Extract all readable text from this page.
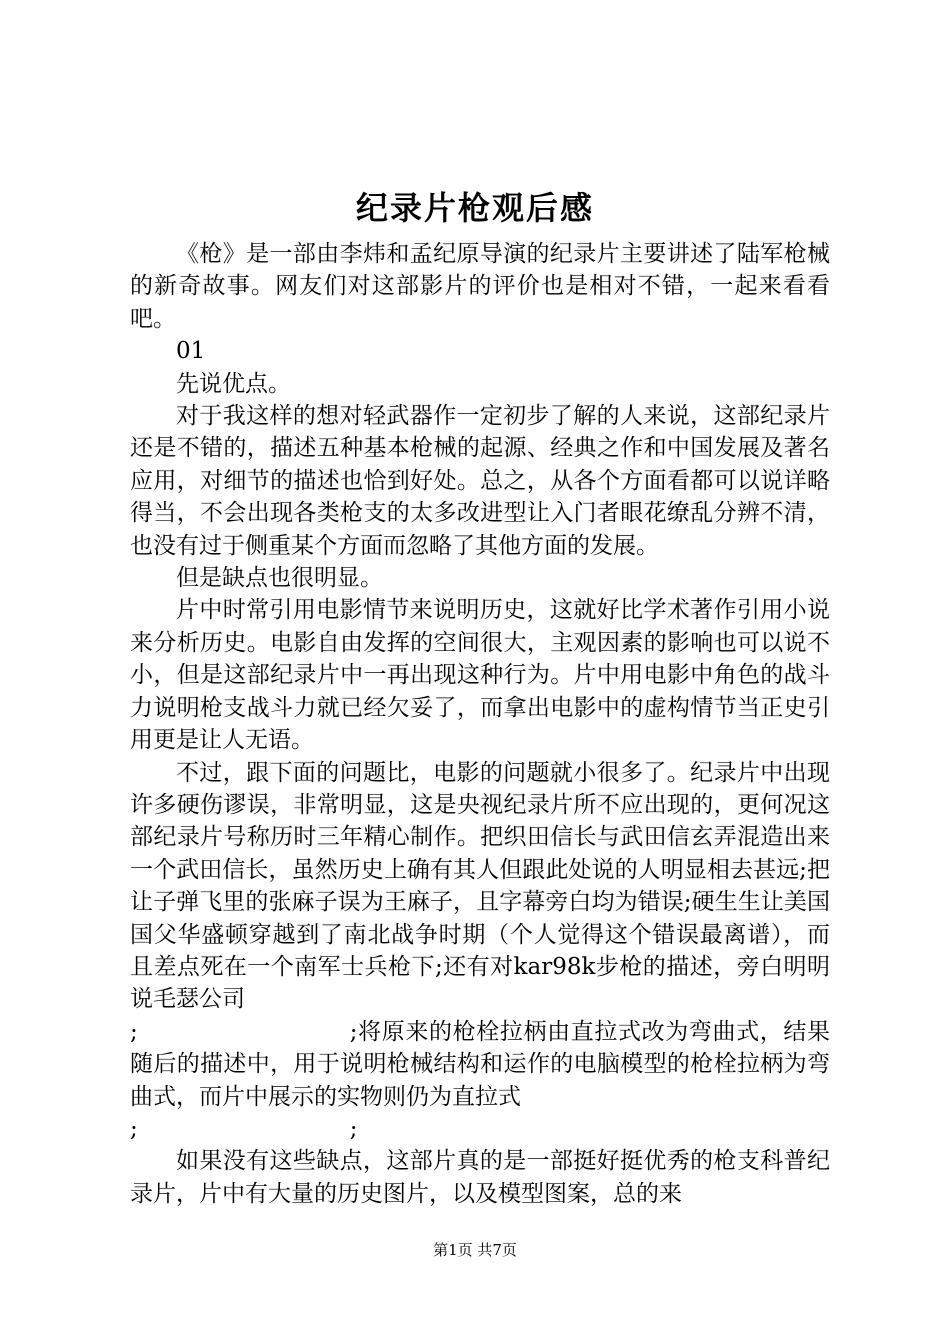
纪录片枪观后感

《枪》是一部由李炜和孟纪原导演的纪录片主要讲述了陆军枪械的新奇故事。网友们对这部影片的评价也是相对不错，一起来看看吧。

01

先说优点。

对于我这样的想对轻武器作一定初步了解的人来说，这部纪录片还是不错的，描述五种基本枪械的起源、经典之作和中国发展及著名应用，对细节的描述也恰到好处。总之，从各个方面看都可以说详略得当，不会出现各类枪支的太多改进型让入门者眼花缭乱分辨不清，也没有过于侧重某个方面而忽略了其他方面的发展。

但是缺点也很明显。

片中时常引用电影情节来说明历史，这就好比学术著作引用小说来分析历史。电影自由发挥的空间很大，主观因素的影响也可以说不小，但是这部纪录片中一再出现这种行为。片中用电影中角色的战斗力说明枪支战斗力就已经欠妥了，而拿出电影中的虚构情节当正史引用更是让人无语。

不过，跟下面的问题比，电影的问题就小很多了。纪录片中出现许多硬伤谬误，非常明显，这是央视纪录片所不应出现的，更何况这部纪录片号称历时三年精心制作。把织田信长与武田信玄弄混造出来一个武田信长，虽然历史上确有其人但跟此处说的人明显相去甚远;把让子弹飞里的张麻子误为王麻子，且字幕旁白均为错误;硬生生让美国国父华盛顿穿越到了南北战争时期（个人觉得这个错误最离谱），而且差点死在一个南军士兵枪下;还有对kar98k步枪的描述，旁白明明说毛瑟公司

;	;将原来的枪栓拉柄由直拉式改为弯曲式，结果随后的描述中，用于说明枪械结构和运作的电脑模型的枪栓拉柄为弯曲式，而片中展示的实物则仍为直拉式

;	;

如果没有这些缺点，这部片真的是一部挺好挺优秀的枪支科普纪录片，片中有大量的历史图片，以及模型图案，总的来

第1页 共7页
